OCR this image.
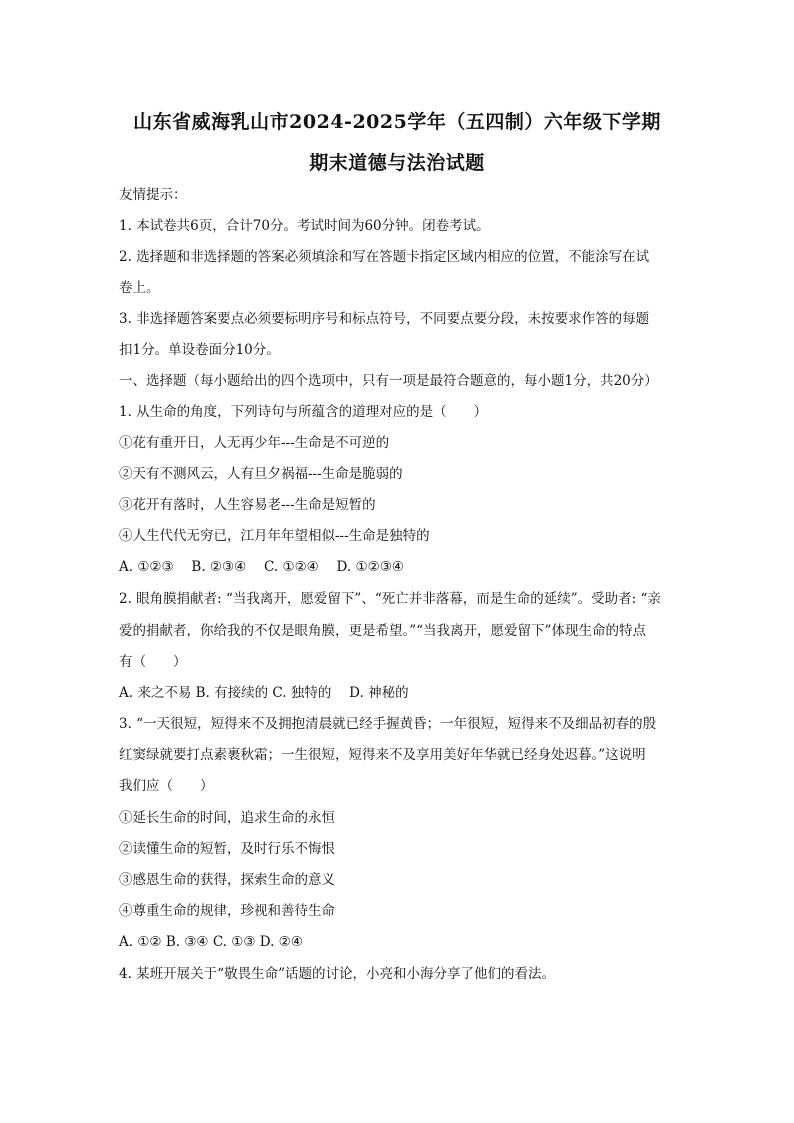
山东省威海乳山市2024-2025学年（五四制）六年级下学期
期末道德与法治试题
友情提示：
1. 本试卷共6页，合计70分。考试时间为60分钟。闭卷考试。
2. 选择题和非选择题的答案必须填涂和写在答题卡指定区域内相应的位置，不能涂写在试
卷上。
3. 非选择题答案要点必须要标明序号和标点符号，不同要点要分段，未按要求作答的每题
扣1分。单设卷面分10分。
一、选择题（每小题给出的四个选项中，只有一项是最符合题意的，每小题1分，共20分）
1. 从生命的角度，下列诗句与所蕴含的道理对应的是（　　）
①花有重开日，人无再少年---生命是不可逆的
②天有不测风云，人有旦夕祸福---生命是脆弱的
③花开有落时，人生容易老---生命是短暂的
④人生代代无穷已，江月年年望相似---生命是独特的
A. ①②③　 B. ②③④　 C. ①②④　 D. ①②③④
2. 眼角膜捐献者: “当我离开，愿爱留下”、“死亡并非落幕，而是生命的延续”。受助者: “亲
爱的捐献者，你给我的不仅是眼角膜，更是希望。”“当我离开，愿爱留下”体现生命的特点
有（　　）
A. 来之不易 B. 有接续的 C. 独特的　 D. 神秘的
3. “一天很短，短得来不及拥抱清晨就已经手握黄昏；一年很短，短得来不及细品初春的殷
红窦绿就要打点素裹秋霜；一生很短，短得来不及享用美好年华就已经身处迟暮。”这说明
我们应（　　）
①延长生命的时间，追求生命的永恒
②读懂生命的短暂，及时行乐不悔恨
③感恩生命的获得，探索生命的意义
④尊重生命的规律，珍视和善待生命
A. ①② B. ③④ C. ①③ D. ②④
4. 某班开展关于“敬畏生命”话题的讨论，小亮和小海分享了他们的看法。
